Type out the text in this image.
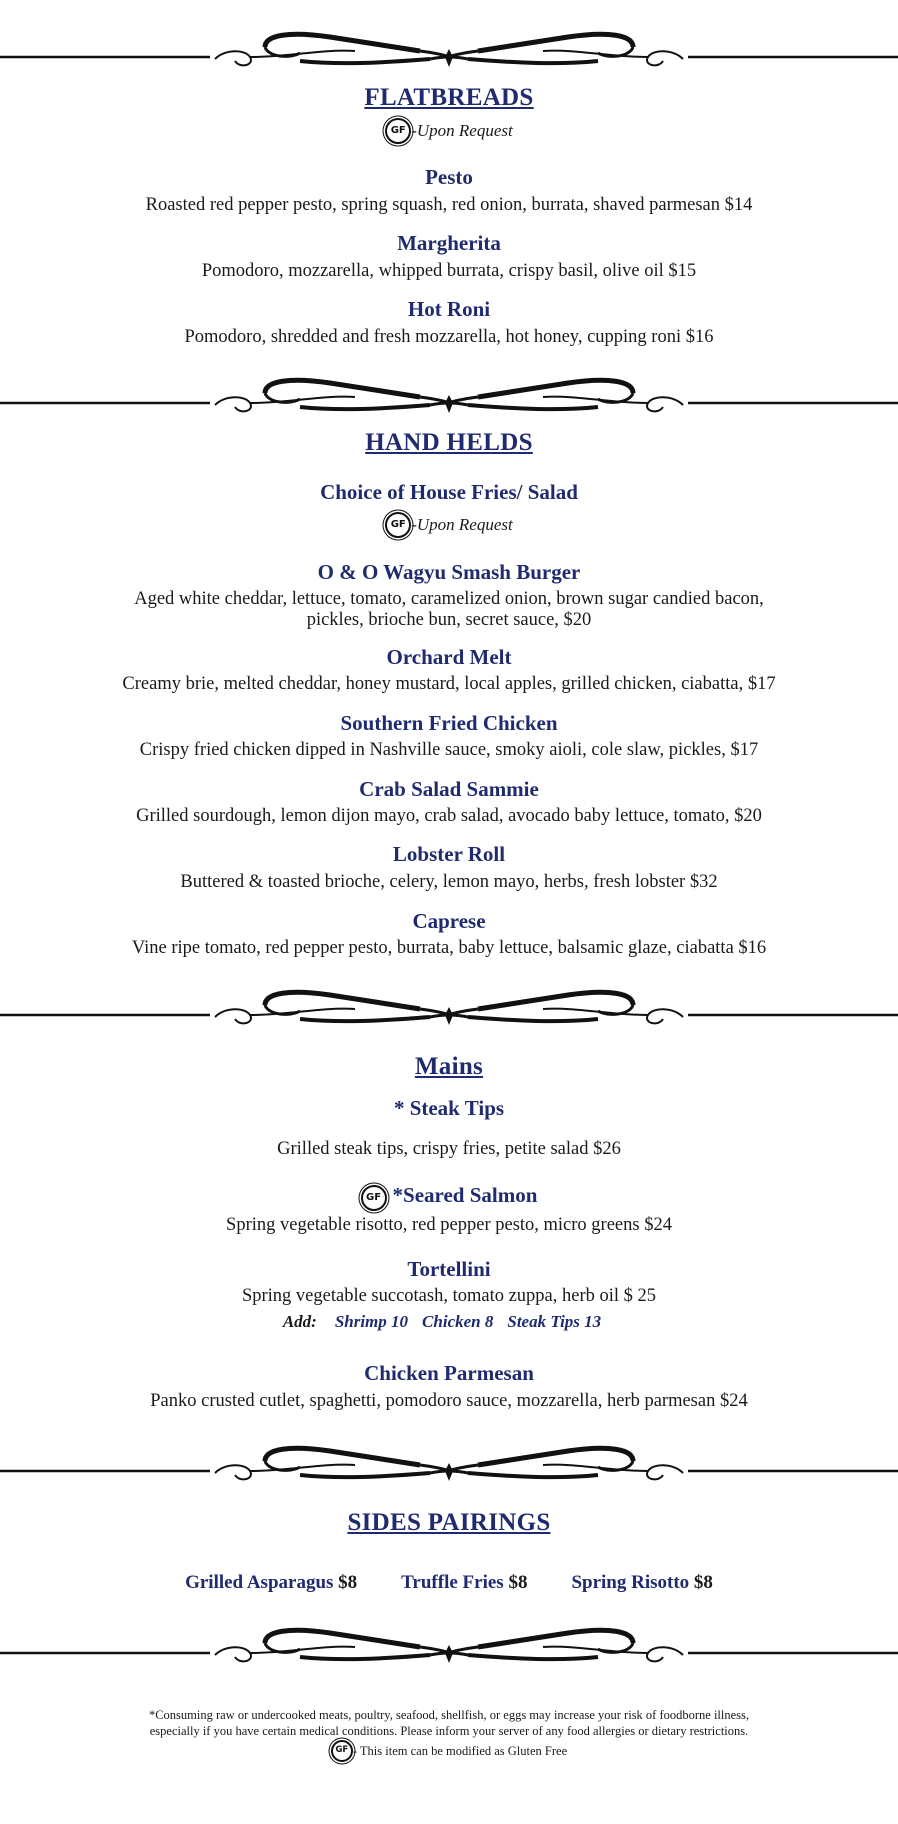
FLATBREADS
GF -Upon Request
Pesto
Roasted red pepper pesto, spring squash, red onion, burrata, shaved parmesan $14
Margherita
Pomodoro, mozzarella, whipped burrata, crispy basil, olive oil $15
Hot Roni
Pomodoro, shredded and fresh mozzarella, hot honey, cupping roni $16
HAND HELDS
Choice of House Fries/ Salad
GF -Upon Request
O & O Wagyu Smash Burger
Aged white cheddar, lettuce, tomato, caramelized onion, brown sugar candied bacon,
pickles, brioche bun, secret sauce, $20
Orchard Melt
Creamy brie, melted cheddar, honey mustard, local apples, grilled chicken, ciabatta, $17
Southern Fried Chicken
Crispy fried chicken dipped in Nashville sauce, smoky aioli, cole slaw, pickles, $17
Crab Salad Sammie
Grilled sourdough, lemon dijon mayo, crab salad, avocado baby lettuce, tomato, $20
Lobster Roll
Buttered & toasted brioche, celery, lemon mayo, herbs, fresh lobster $32
Caprese
Vine ripe tomato, red pepper pesto, burrata, baby lettuce, balsamic glaze, ciabatta $16
Mains
* Steak Tips
Grilled steak tips, crispy fries, petite salad $26
GF *Seared Salmon
Spring vegetable risotto, red pepper pesto, micro greens $24
Tortellini
Spring vegetable succotash, tomato zuppa, herb oil $ 25
Add: Shrimp 10 Chicken 8 Steak Tips 13
Chicken Parmesan
Panko crusted cutlet, spaghetti, pomodoro sauce, mozzarella, herb parmesan $24
SIDES PAIRINGS
Grilled Asparagus $8 Truffle Fries $8 Spring Risotto $8
*Consuming raw or undercooked meats, poultry, seafood, shellfish, or eggs may increase your risk of foodborne illness,
especially if you have certain medical conditions. Please inform your server of any food allergies or dietary restrictions.
GF - This item can be modified as Gluten Free
